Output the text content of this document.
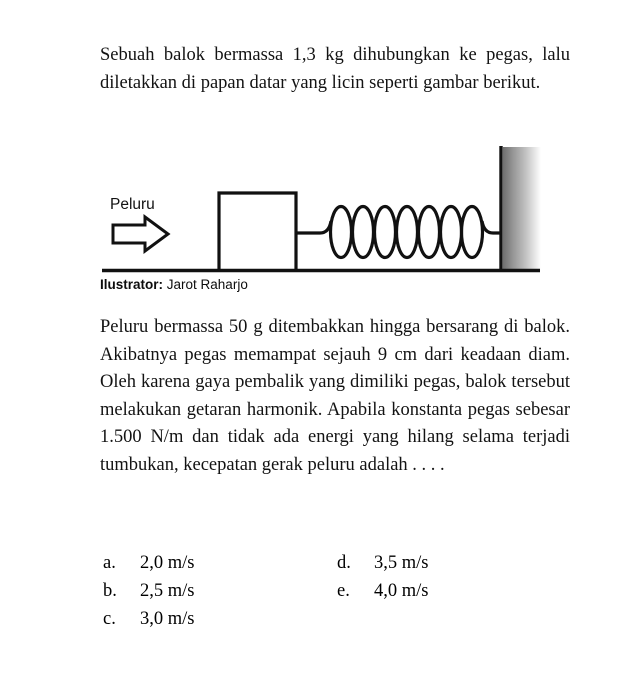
Sebuah balok bermassa 1,3 kg dihubungkan ke pegas, lalu diletakkan di papan datar yang licin seperti gambar berikut.
Peluru
Ilustrator: Jarot Raharjo
Peluru bermassa 50 g ditembakkan hingga bersarang di balok. Akibatnya pegas memampat sejauh 9 cm dari keadaan diam. Oleh karena gaya pembalik yang dimiliki pegas, balok tersebut melakukan getaran harmonik. Apabila konstanta pegas sebesar 1.500 N/m dan tidak ada energi yang hilang selama terjadi tumbukan, kecepatan gerak peluru adalah . . . .
a. 2,0 m/s	d. 3,5 m/s
b. 2,5 m/s	e. 4,0 m/s
c. 3,0 m/s
